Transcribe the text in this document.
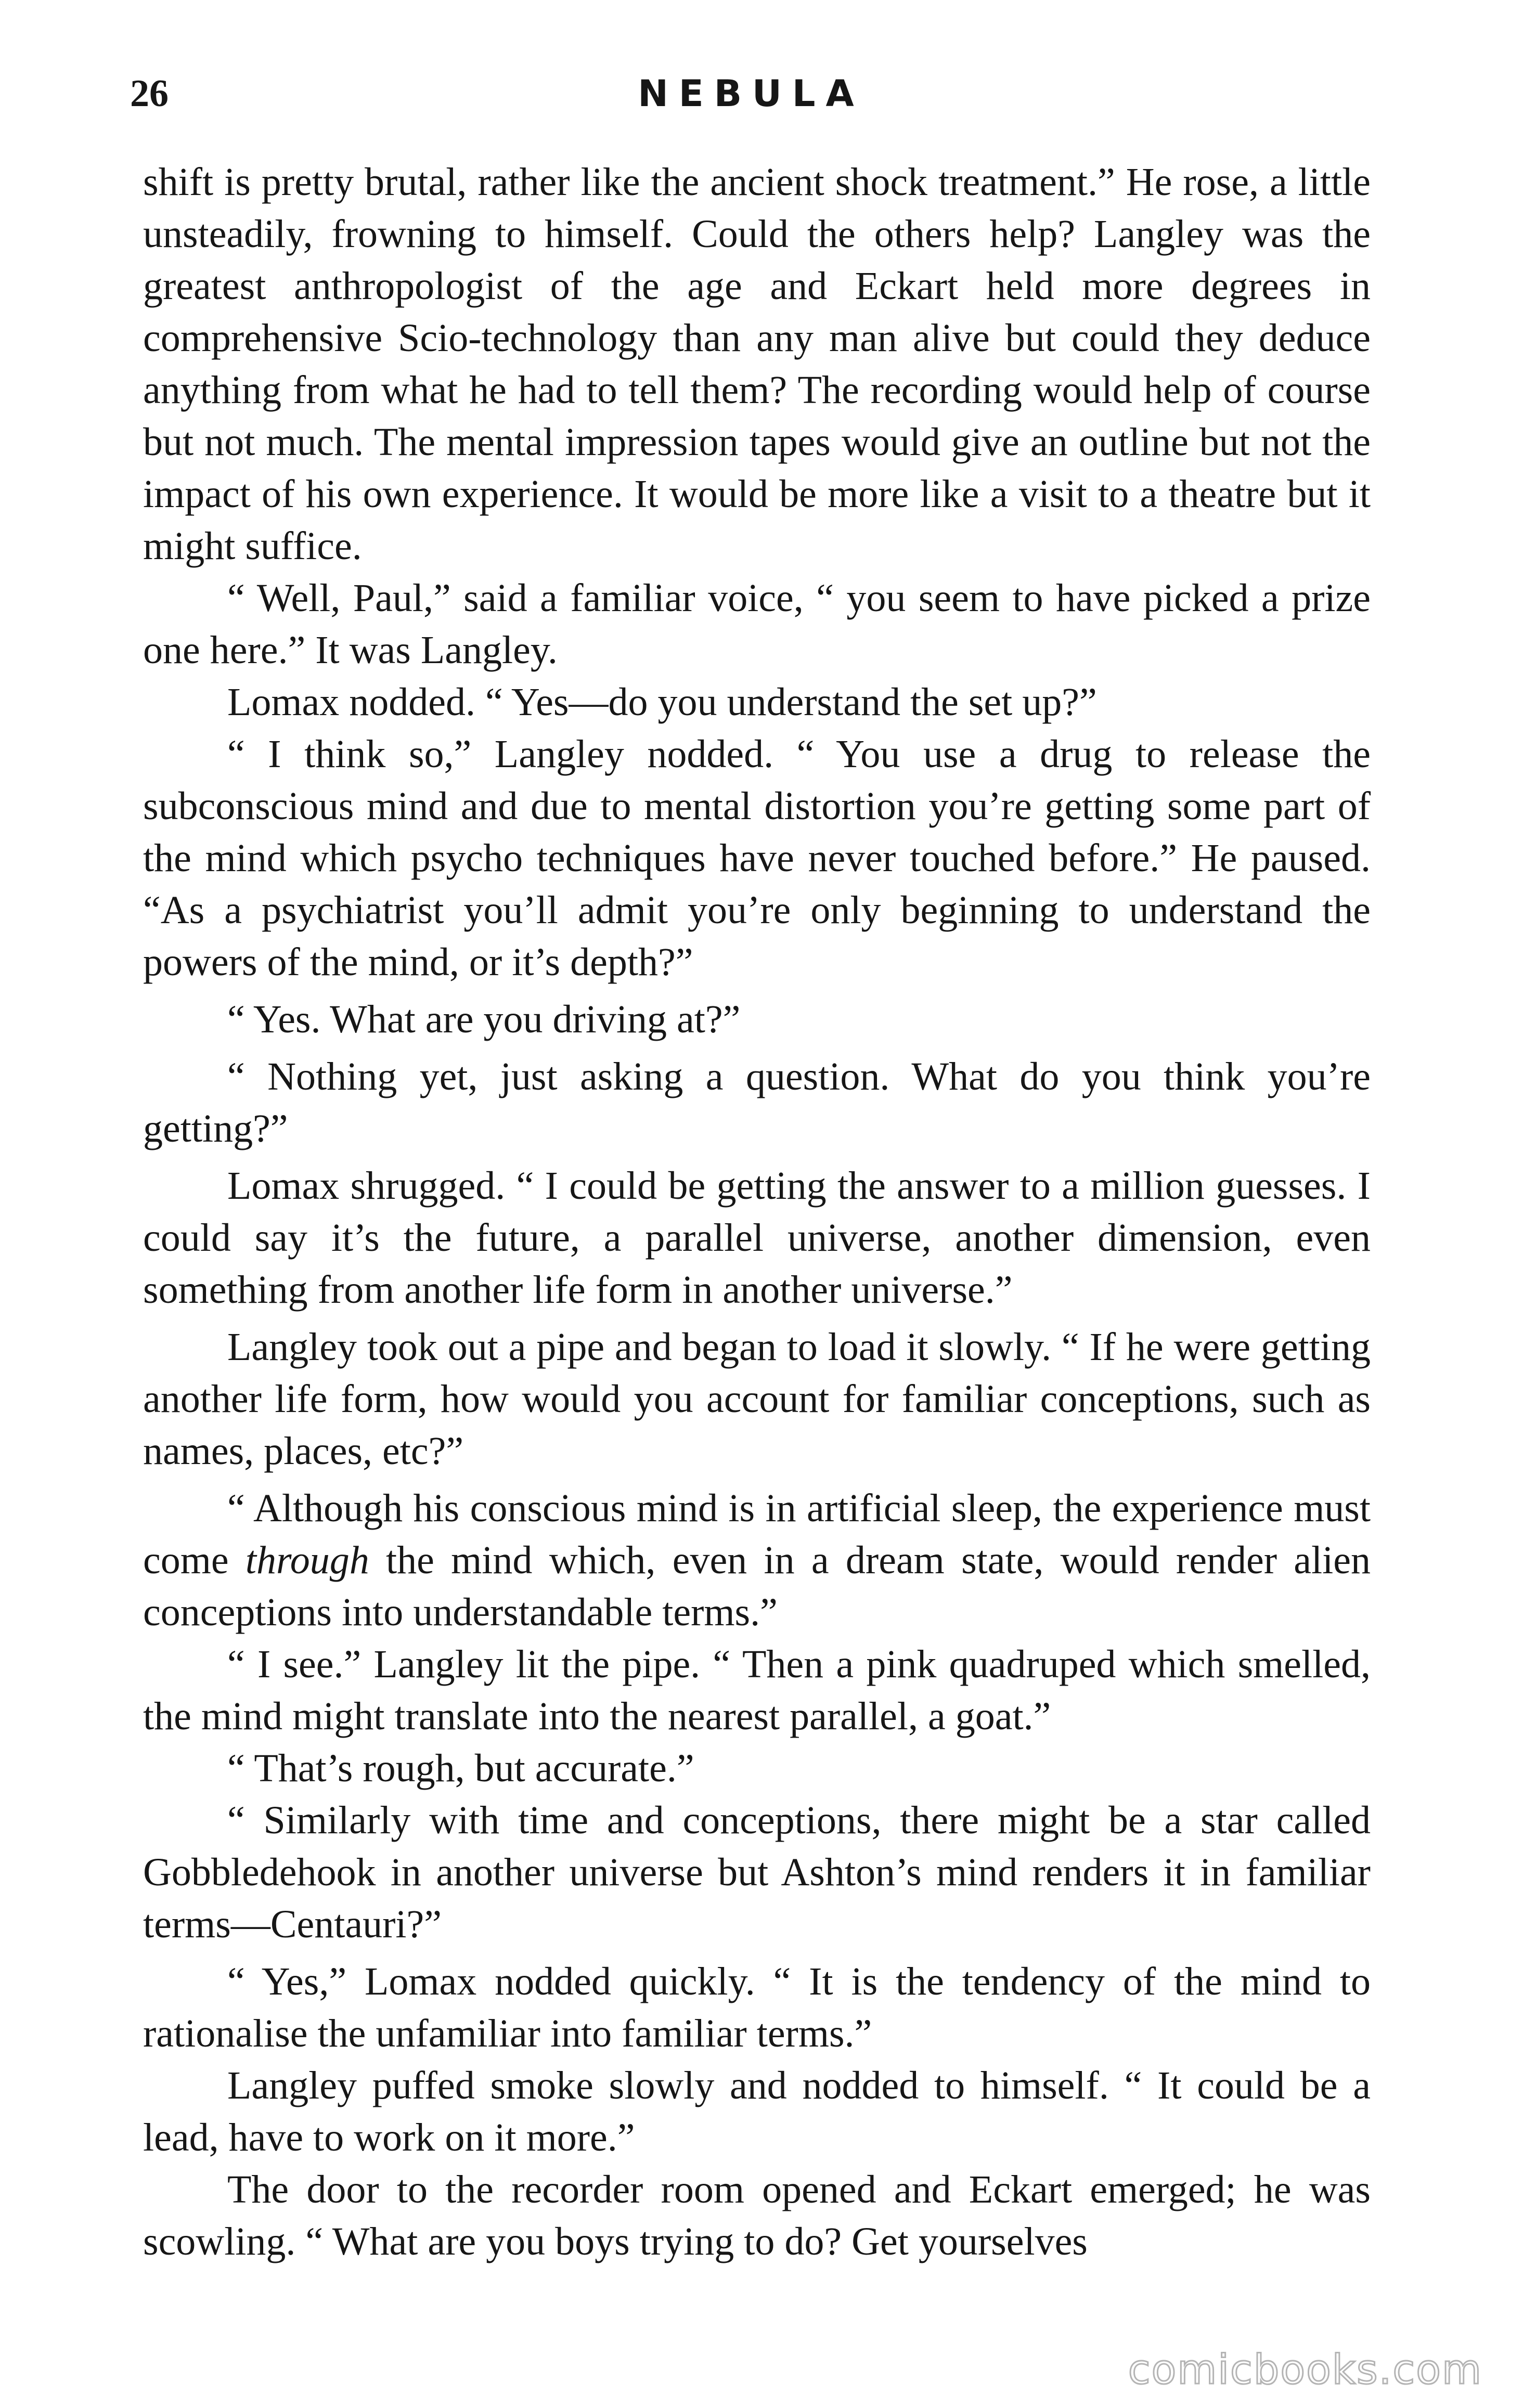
26	NEBULA

shift is pretty brutal, rather like the ancient shock treatment.” He rose, a little unsteadily, frowning to himself. Could the others help? Langley was the greatest anthropologist of the age and Eckart held more degrees in comprehensive Scio-technology than any man alive but could they deduce anything from what he had to tell them? The recording would help of course but not much. The mental impression tapes would give an outline but not the impact of his own experience. It would be more like a visit to a theatre but it might suffice.

“ Well, Paul,” said a familiar voice, “ you seem to have picked a prize one here.” It was Langley.

Lomax nodded. “ Yes—do you understand the set up?”

“ I think so,” Langley nodded. “ You use a drug to release the subconscious mind and due to mental distortion you’re getting some part of the mind which psycho techniques have never touched before.” He paused. “As a psychiatrist you’ll admit you’re only beginning to understand the powers of the mind, or it’s depth?”

“ Yes. What are you driving at?”

“ Nothing yet, just asking a question. What do you think you’re getting?”

Lomax shrugged. “ I could be getting the answer to a million guesses. I could say it’s the future, a parallel universe, another dimension, even something from another life form in another universe.”

Langley took out a pipe and began to load it slowly. “ If he were getting another life form, how would you account for familiar conceptions, such as names, places, etc?”

“ Although his conscious mind is in artificial sleep, the experience must come through the mind which, even in a dream state, would render alien conceptions into understandable terms.”

“ I see.” Langley lit the pipe. “ Then a pink quadruped which smelled, the mind might translate into the nearest parallel, a goat.”

“ That’s rough, but accurate.”

“ Similarly with time and conceptions, there might be a star called Gobbledehook in another universe but Ashton’s mind renders it in familiar terms—Centauri?”

“ Yes,” Lomax nodded quickly. “ It is the tendency of the mind to rationalise the unfamiliar into familiar terms.”

Langley puffed smoke slowly and nodded to himself. “ It could be a lead, have to work on it more.”

The door to the recorder room opened and Eckart emerged; he was scowling. “ What are you boys trying to do? Get yourselves

comicbooks.com
